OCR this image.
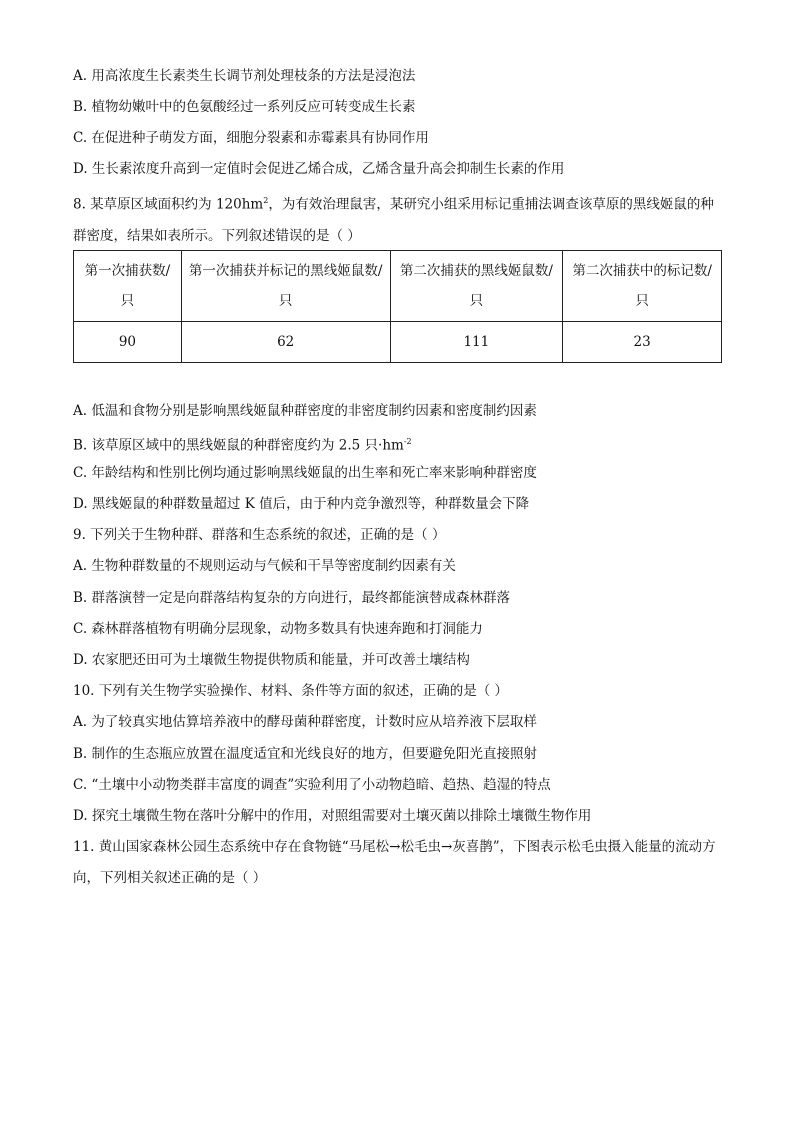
A. 用高浓度生长素类生长调节剂处理枝条的方法是浸泡法
B. 植物幼嫩叶中的色氨酸经过一系列反应可转变成生长素
C. 在促进种子萌发方面，细胞分裂素和赤霉素具有协同作用
D. 生长素浓度升高到一定值时会促进乙烯合成，乙烯含量升高会抑制生长素的作用
8. 某草原区域面积约为 $120hm^2$，为有效治理鼠害，某研究小组采用标记重捕法调查该草原的黑线姬鼠的种群密度，结果如表所示。下列叙述错误的是（ ）
第一次捕获数/只	第一次捕获并标记的黑线姬鼠数/只	第二次捕获的黑线姬鼠数/只	第二次捕获中的标记数/只
90	62	111	23
A. 低温和食物分别是影响黑线姬鼠种群密度的非密度制约因素和密度制约因素
B. 该草原区域中的黑线姬鼠的种群密度约为 2.5 只$\cdot hm^{-2}$
C. 年龄结构和性别比例均通过影响黑线姬鼠的出生率和死亡率来影响种群密度
D. 黑线姬鼠的种群数量超过 K 值后，由于种内竞争激烈等，种群数量会下降
9. 下列关于生物种群、群落和生态系统的叙述，正确的是（ ）
A. 生物种群数量的不规则运动与气候和干旱等密度制约因素有关
B. 群落演替一定是向群落结构复杂的方向进行，最终都能演替成森林群落
C. 森林群落植物有明确分层现象，动物多数具有快速奔跑和打洞能力
D. 农家肥还田可为土壤微生物提供物质和能量，并可改善土壤结构
10. 下列有关生物学实验操作、材料、条件等方面的叙述，正确的是（ ）
A. 为了较真实地估算培养液中的酵母菌种群密度，计数时应从培养液下层取样
B. 制作的生态瓶应放置在温度适宜和光线良好的地方，但要避免阳光直接照射
C. “土壤中小动物类群丰富度的调查”实验利用了小动物趋暗、趋热、趋湿的特点
D. 探究土壤微生物在落叶分解中的作用，对照组需要对土壤灭菌以排除土壤微生物作用
11. 黄山国家森林公园生态系统中存在食物链“马尾松→松毛虫→灰喜鹊”，下图表示松毛虫摄入能量的流动方向，下列相关叙述正确的是（ ）
